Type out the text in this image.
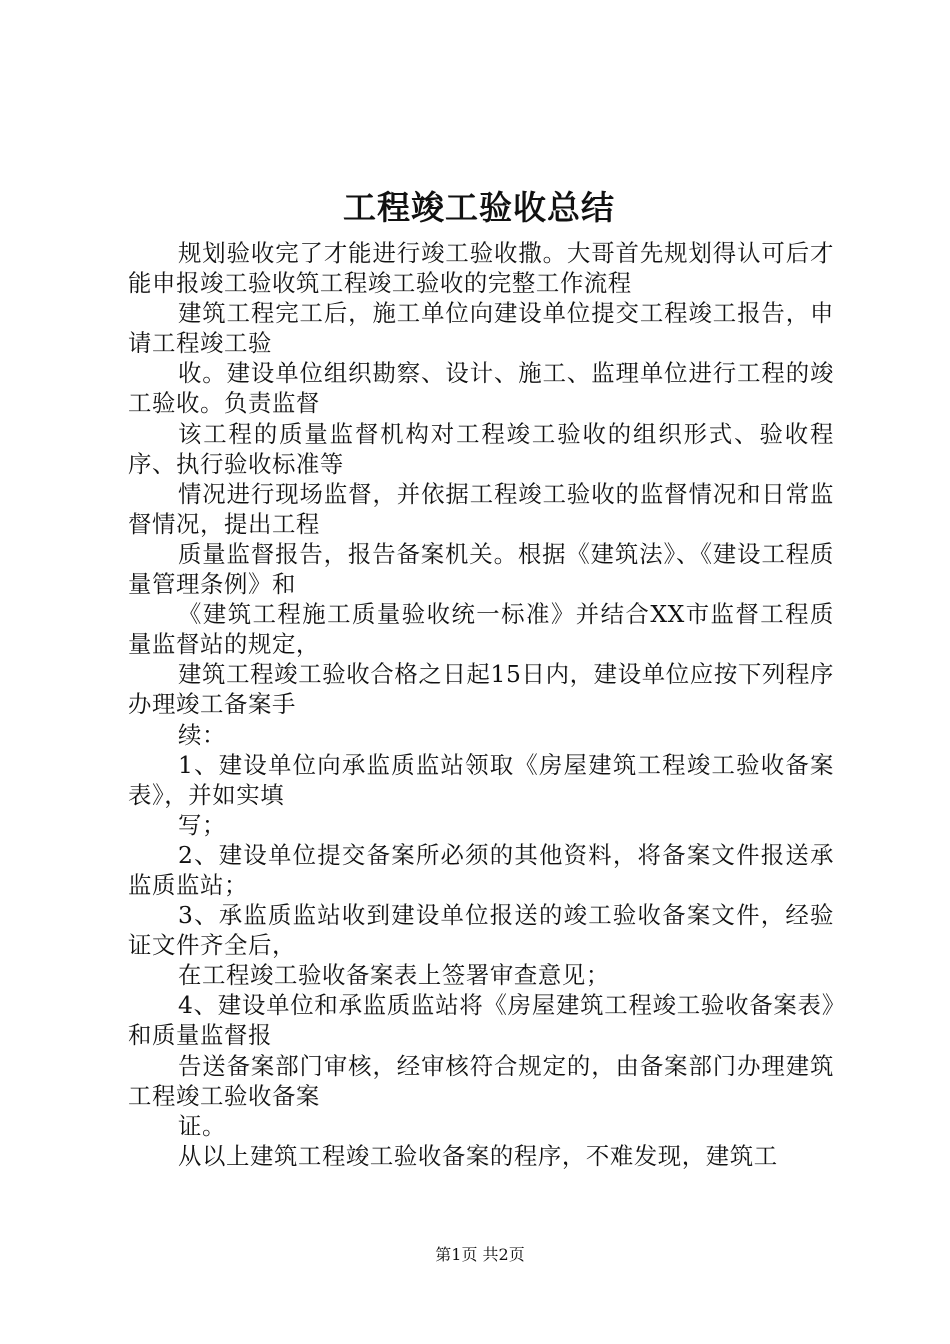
工程竣工验收总结

规划验收完了才能进行竣工验收撒。大哥首先规划得认可后才能申报竣工验收筑工程竣工验收的完整工作流程

建筑工程完工后，施工单位向建设单位提交工程竣工报告，申请工程竣工验

收。建设单位组织勘察、设计、施工、监理单位进行工程的竣工验收。负责监督

该工程的质量监督机构对工程竣工验收的组织形式、验收程序、执行验收标准等

情况进行现场监督，并依据工程竣工验收的监督情况和日常监督情况，提出工程

质量监督报告，报告备案机关。根据《建筑法》、《建设工程质量管理条例》和

《建筑工程施工质量验收统一标准》并结合XX市监督工程质量监督站的规定，

建筑工程竣工验收合格之日起15日内，建设单位应按下列程序办理竣工备案手

续：

1、建设单位向承监质监站领取《房屋建筑工程竣工验收备案表》，并如实填

写；

2、建设单位提交备案所必须的其他资料，将备案文件报送承监质监站；

3、承监质监站收到建设单位报送的竣工验收备案文件，经验证文件齐全后，

在工程竣工验收备案表上签署审查意见；

4、建设单位和承监质监站将《房屋建筑工程竣工验收备案表》和质量监督报

告送备案部门审核，经审核符合规定的，由备案部门办理建筑工程竣工验收备案

证。

从以上建筑工程竣工验收备案的程序，不难发现，建筑工

第1页 共2页
